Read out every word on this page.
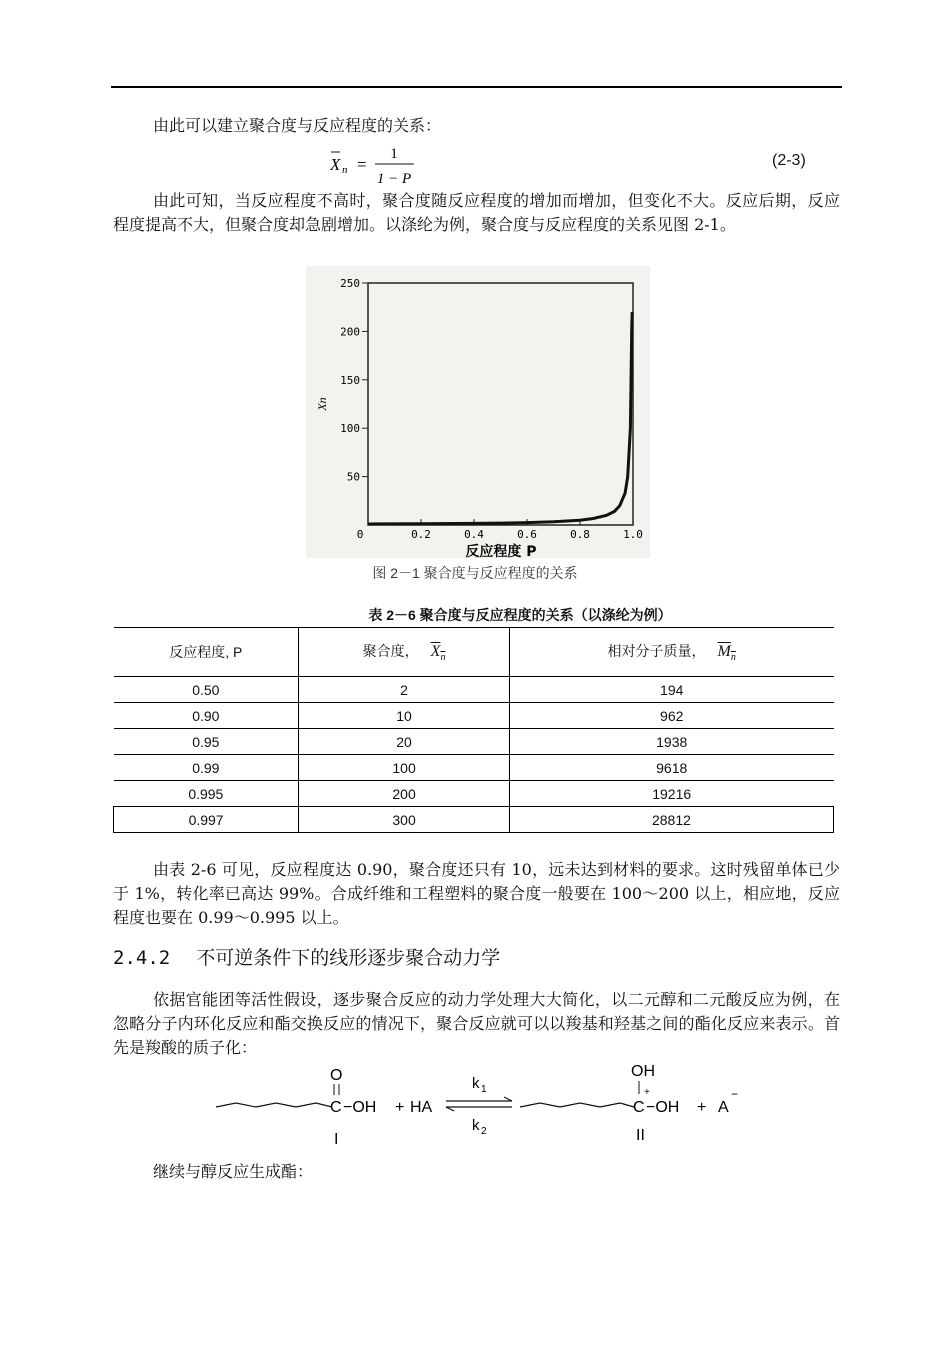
由此可以建立聚合度与反应程度的关系：
X n =
1
1 − P
(2-3)
由此可知，当反应程度不高时，聚合度随反应程度的增加而增加，但变化不大。反应后期，反应程度提高不大，但聚合度却急剧增加。以涤纶为例，聚合度与反应程度的关系见图 2-1。
50
100
150
200
250
0	0.2	0.4	0.6	0.8	1.0
Xn
反应程度 P
图 2－1 聚合度与反应程度的关系
表 2－6 聚合度与反应程度的关系（以涤纶为例）
反应程度, P	聚合度， $X_n$	相对分子质量， $M_n$
0.50	2	194
0.90	10	962
0.95	20	1938
0.99	100	9618
0.995	200	19216
0.997	300	28812
由表 2-6 可见，反应程度达 0.90，聚合度还只有 10，远未达到材料的要求。这时残留单体已少于 1%，转化率已高达 99%。合成纤维和工程塑料的聚合度一般要在 100～200 以上，相应地，反应程度也要在 0.99～0.995 以上。
2.4.2 不可逆条件下的线形逐步聚合动力学
依据官能团等活性假设，逐步聚合反应的动力学处理大大简化，以二元醇和二元酸反应为例，在忽略分子内环化反应和酯交换反应的情况下，聚合反应就可以以羧基和羟基之间的酯化反应来表示。首先是羧酸的质子化：
O
C −OH + HA
k 1
k 2
OH
+
C −OH + A
−
I	II
继续与醇反应生成酯：
